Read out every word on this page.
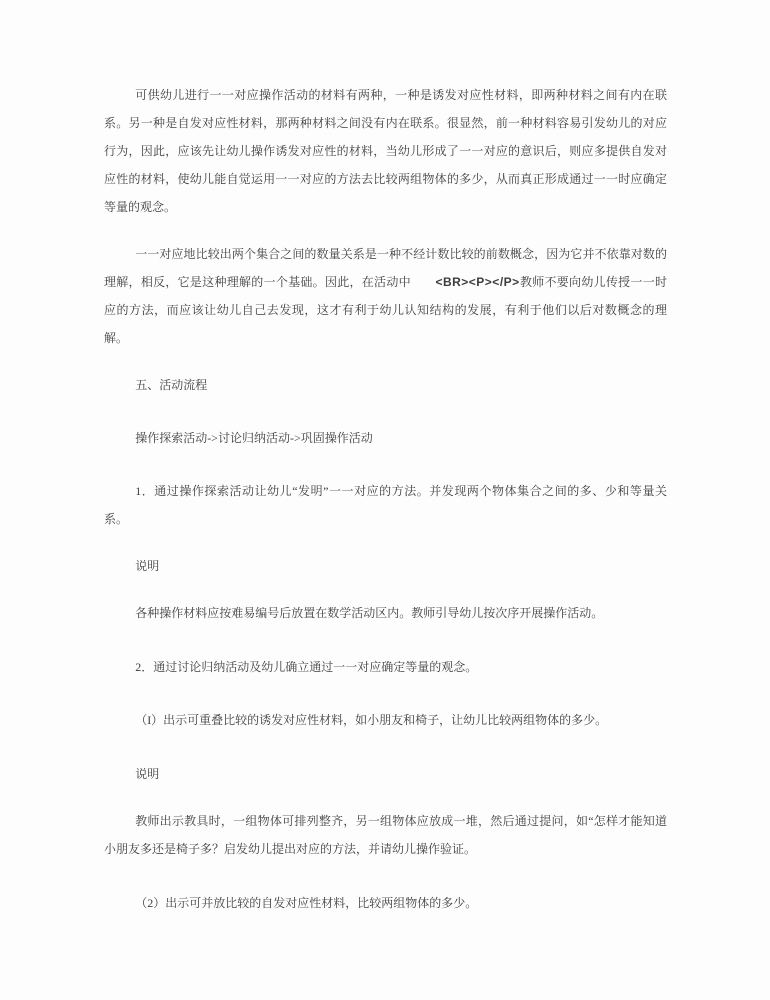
可供幼儿进行一一对应操作活动的材料有两种，一种是诱发对应性材料，即两种材料之间有内在联系。另一种是自发对应性材料，那两种材料之间没有内在联系。很显然，前一种材料容易引发幼儿的对应行为，因此，应该先让幼儿操作诱发对应性的材料，当幼儿形成了一一对应的意识后，则应多提供自发对应性的材料，使幼儿能自觉运用一一对应的方法去比较两组物体的多少，从而真正形成通过一一时应确定等量的观念。

一一对应地比较出两个集合之间的数量关系是一种不经计数比较的前数概念，因为它并不依靠对数的理解，相反，它是这种理解的一个基础。因此，在活动中　　<BR><P></P>教师不要向幼儿传授一一时应的方法，而应该让幼儿自己去发现，这才有利于幼儿认知结构的发展，有利于他们以后对数概念的理解。

五、活动流程

操作探索活动->讨论归纳活动->巩固操作活动

1．通过操作探索活动让幼儿“发明”一一对应的方法。并发现两个物体集合之间的多、少和等量关系。

说明

各种操作材料应按难易编号后放置在数学活动区内。教师引导幼儿按次序开展操作活动。

2．通过讨论归纳活动及幼儿确立通过一一对应确定等量的观念。

（I）出示可重叠比较的诱发对应性材料，如小朋友和椅子，让幼儿比较两组物体的多少。

说明

教师出示教具时，一组物体可排列整齐，另一组物体应放成一堆，然后通过提问，如“怎样才能知道小朋友多还是椅子多？启发幼儿提出对应的方法，并请幼儿操作验证。

（2）出示可并放比较的自发对应性材料，比较两组物体的多少。
